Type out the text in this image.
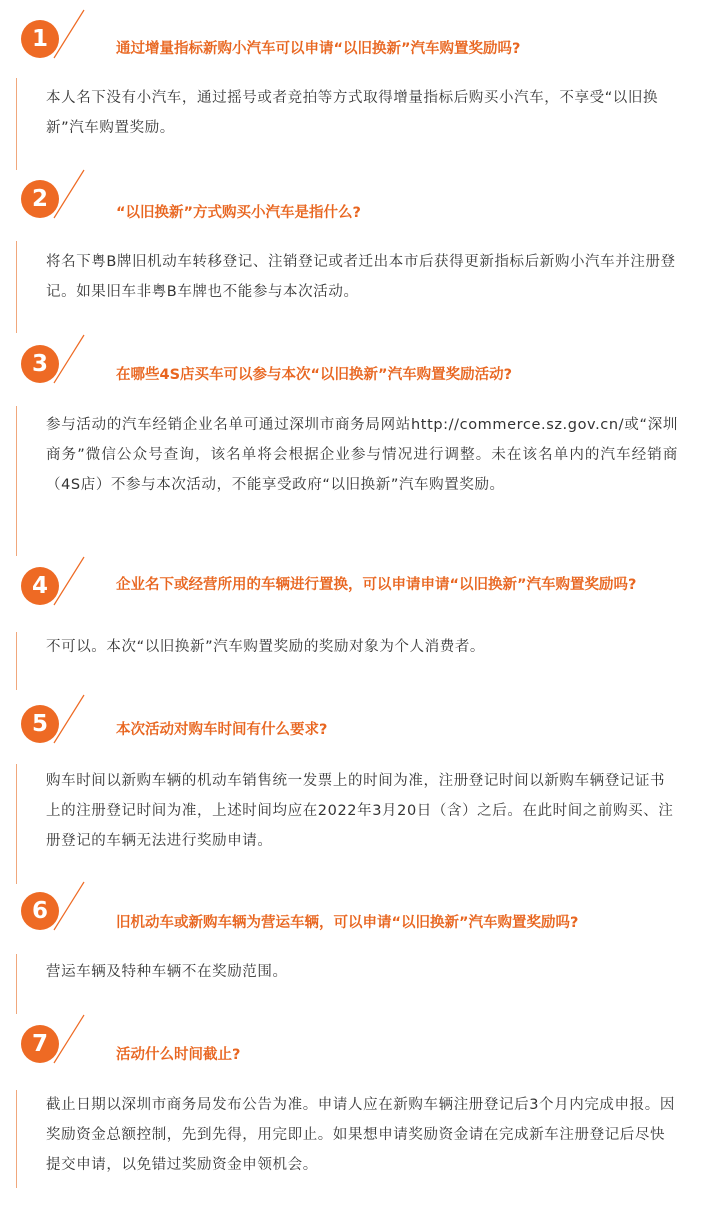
1	通过增量指标新购小汽车可以申请“以旧换新”汽车购置奖励吗?

本人名下没有小汽车，通过摇号或者竞拍等方式取得增量指标后购买小汽车，不享受“以旧换新”汽车购置奖励。

2
“以旧换新”方式购买小汽车是指什么?

将名下粤B牌旧机动车转移登记、注销登记或者迁出本市后获得更新指标后新购小汽车并注册登记。如果旧车非粤B车牌也不能参与本次活动。

3	在哪些4S店买车可以参与本次“以旧换新”汽车购置奖励活动?

参与活动的汽车经销企业名单可通过深圳市商务局网站http://commerce.sz.gov.cn/或“深圳商务”微信公众号查询，该名单将会根据企业参与情况进行调整。未在该名单内的汽车经销商（4S店）不参与本次活动，不能享受政府“以旧换新”汽车购置奖励。

4	企业名下或经营所用的车辆进行置换，可以申请申请“以旧换新”汽车购置奖励吗?

不可以。本次“以旧换新”汽车购置奖励的奖励对象为个人消费者。

5	本次活动对购车时间有什么要求?

购车时间以新购车辆的机动车销售统一发票上的时间为准，注册登记时间以新购车辆登记证书上的注册登记时间为准，上述时间均应在2022年3月20日（含）之后。在此时间之前购买、注册登记的车辆无法进行奖励申请。

6	旧机动车或新购车辆为营运车辆，可以申请“以旧换新”汽车购置奖励吗?

营运车辆及特种车辆不在奖励范围。

7	活动什么时间截止?

截止日期以深圳市商务局发布公告为准。申请人应在新购车辆注册登记后3个月内完成申报。因奖励资金总额控制，先到先得，用完即止。如果想申请奖励资金请在完成新车注册登记后尽快提交申请，以免错过奖励资金申领机会。
